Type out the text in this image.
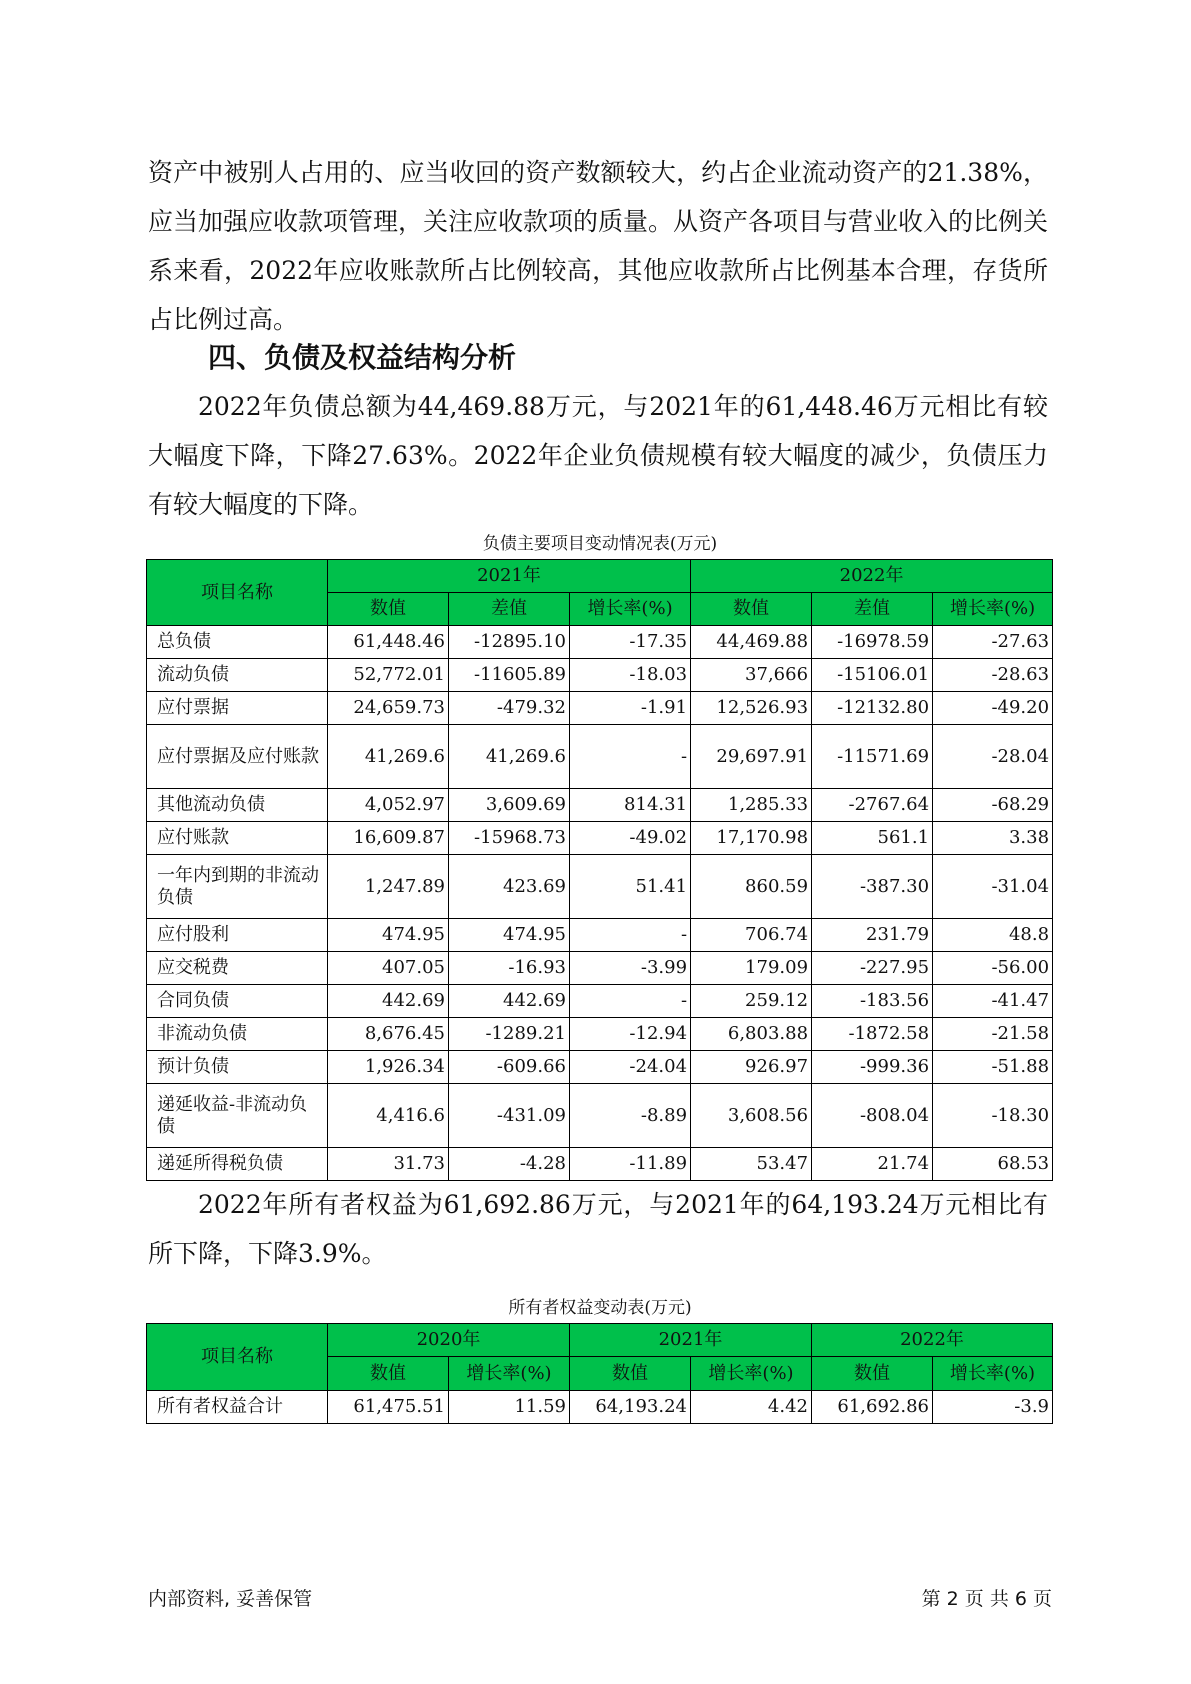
资产中被别人占用的、应当收回的资产数额较大，约占企业流动资产的21.38%，应当加强应收款项管理，关注应收款项的质量。从资产各项目与营业收入的比例关系来看，2022年应收账款所占比例较高，其他应收款所占比例基本合理，存货所占比例过高。

四、负债及权益结构分析

2022年负债总额为44,469.88万元，与2021年的61,448.46万元相比有较大幅度下降，下降27.63%。2022年企业负债规模有较大幅度的减少，负债压力有较大幅度的下降。

负债主要项目变动情况表(万元)
项目名称	2021年			2022年		
	数值	差值	增长率(%)	数值	差值	增长率(%)
总负债	61,448.46	-12895.10	-17.35	44,469.88	-16978.59	-27.63
流动负债	52,772.01	-11605.89	-18.03	37,666	-15106.01	-28.63
应付票据	24,659.73	-479.32	-1.91	12,526.93	-12132.80	-49.20
应付票据及应付账款	41,269.6	41,269.6	-	29,697.91	-11571.69	-28.04
其他流动负债	4,052.97	3,609.69	814.31	1,285.33	-2767.64	-68.29
应付账款	16,609.87	-15968.73	-49.02	17,170.98	561.1	3.38
一年内到期的非流动负债	1,247.89	423.69	51.41	860.59	-387.30	-31.04
应付股利	474.95	474.95	-	706.74	231.79	48.8
应交税费	407.05	-16.93	-3.99	179.09	-227.95	-56.00
合同负债	442.69	442.69	-	259.12	-183.56	-41.47
非流动负债	8,676.45	-1289.21	-12.94	6,803.88	-1872.58	-21.58
预计负债	1,926.34	-609.66	-24.04	926.97	-999.36	-51.88
递延收益-非流动负债	4,416.6	-431.09	-8.89	3,608.56	-808.04	-18.30
递延所得税负债	31.73	-4.28	-11.89	53.47	21.74	68.53

2022年所有者权益为61,692.86万元，与2021年的64,193.24万元相比有所下降，下降3.9%。

所有者权益变动表(万元)
项目名称	2020年		2021年		2022年	
	数值	增长率(%)	数值	增长率(%)	数值	增长率(%)
所有者权益合计	61,475.51	11.59	64,193.24	4.42	61,692.86	-3.9
内部资料, 妥善保管	第 2 页 共 6 页
